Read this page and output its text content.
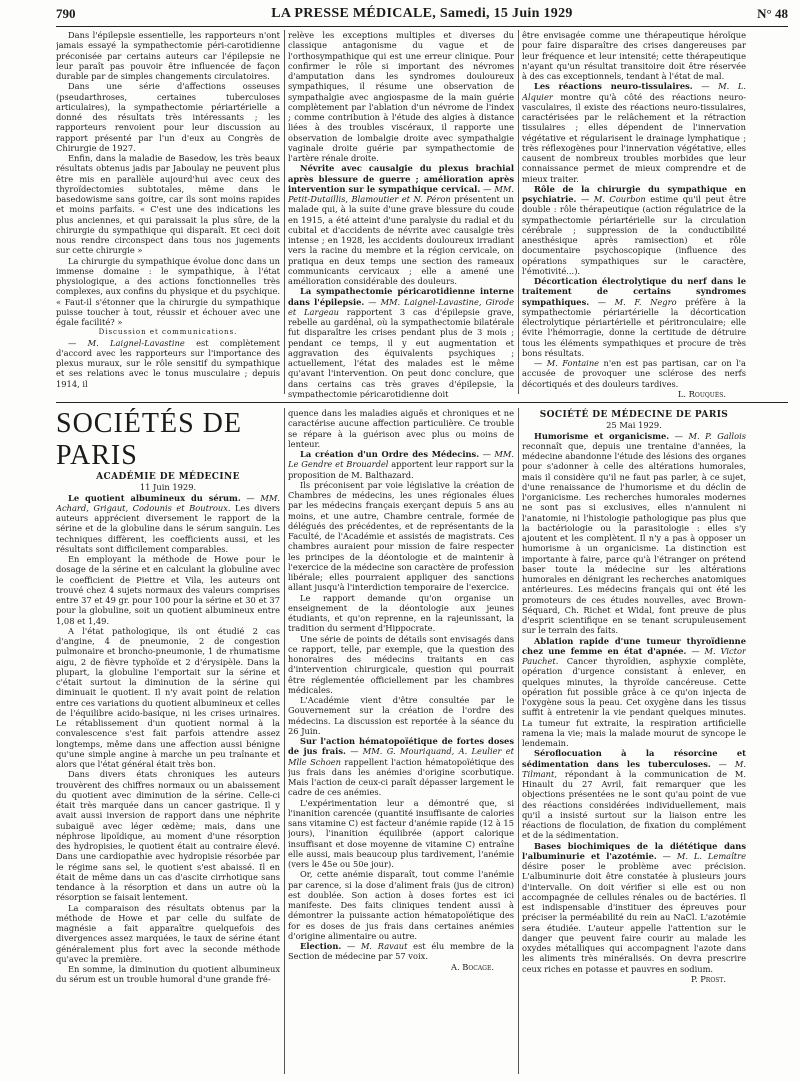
790	LA PRESSE MÉDICALE, Samedi, 15 Juin 1929	N° 48

Dans l'épilepsie essentielle, les rapporteurs n'ont jamais essayé la sympathectomie péri-carotidienne préconisée par certains auteurs car l'épilepsie ne leur paraît pas pouvoir être influencée de façon durable par de simples changements circulatoires.

Dans une série d'affections osseuses (pseudarthroses, certaines tuberculoses articulaires), la sympathectomie périartérielle a donné des résultats très intéressants ; les rapporteurs renvoient pour leur discussion au rapport présenté par l'un d'eux au Congrès de Chirurgie de 1927.

Enfin, dans la maladie de Basedow, les très beaux résultats obtenus jadis par Jaboulay ne peuvent plus être mis en parallèle aujourd'hui avec ceux des thyroïdectomies subtotales, même dans le basedowisme sans goitre, car ils sont moins rapides et moins parfaits. « C'est une des indications les plus anciennes, et qui paraissait la plus sûre, de la chirurgie du sympathique qui disparaît. Et ceci doit nous rendre circonspect dans tous nos jugements sur cette chirurgie »

La chirurgie du sympathique évolue donc dans un immense domaine : le sympathique, à l'état physiologique, a des actions fonctionnelles très complexes, aux confins du physique et du psychique. « Faut-il s'étonner que la chirurgie du sympathique puisse toucher à tout, réussir et échouer avec une égale facilité? »

Discussion et communications.

— M. Laignel-Lavastine est complètement d'accord avec les rapporteurs sur l'importance des plexus muraux, sur le rôle sensitif du sympathique et ses relations avec le tonus musculaire ; depuis 1914, il

relève les exceptions multiples et diverses du classique antagonisme du vague et de l'orthosympathique qui est une erreur clinique. Pour confirmer le rôle si important des névromes d'amputation dans les syndromes douloureux sympathiques, il résume une observation de sympathalgie avec angiospasme de la main guérie complètement par l'ablation d'un névrome de l'index ; comme contribution à l'étude des algies à distance liées à des troubles viscéraux, il rapporte une observation de lombalgie droite avec sympathalgie vaginale droite guérie par sympathectomie de l'artère rénale droite.

Névrite avec causalgie du plexus brachial après blessure de guerre ; amélioration après intervention sur le sympathique cervical. — MM. Petit-Dutaillis, Blamoutier et N. Péron présentent un malade qui, à la suite d'une grave blessure du coude en 1915, a été atteint d'une paralysie du radial et du cubital et d'accidents de névrite avec causalgie très intense ; en 1928, les accidents douloureux irradiant vers la racine du membre et la région cervicale, on pratiqua en deux temps une section des rameaux communicants cervicaux ; elle a amené une amélioration considérable des douleurs.

La sympathectomie péricarotidienne interne dans l'épilepsie. — MM. Laignel-Lavastine, Girode et Largeau rapportent 3 cas d'épilepsie grave, rebelle au gardénal, où la sympathectomie bilatérale fut disparaître les crises pendant plus de 3 mois ; pendant ce temps, il y eut augmentation et aggravation des équivalents psychiques ; actuellement, l'état des malades est le même qu'avant l'intervention. On peut donc conclure, que dans certains cas très graves d'épilepsie, la sympathectomie péricarotidienne doit

être envisagée comme une thérapeutique héroïque pour faire disparaître des crises dangereuses par leur fréquence et leur intensité; cette thérapeutique n'ayant qu'un résultat transitoire doit être réservée à des cas exceptionnels, tendant à l'état de mal.

Les réactions neuro-tissulaires. — M. L. Alquier montre qu'à côté des réactions neuro-vasculaires, il existe des réactions neuro-tissulaires, caractérisées par le relâchement et la rétraction tissulaires ; elles dépendent de l'innervation végétative et régularisent le drainage lymphatique ; très réflexogènes pour l'innervation végétative, elles causent de nombreux troubles morbides que leur connaissance permet de mieux comprendre et de mieux traiter.

Rôle de la chirurgie du sympathique en psychiatrie. — M. Courbon estime qu'il peut être double : rôle thérapeutique (action régulatrice de la sympathectomie périartérielle sur la circulation cérébrale ; suppression de la conductibilité anesthésique après ramisection) et rôle documentaire psychoscopique (influence des opérations sympathiques sur le caractère, l'émotivité...).

Décortication électrolytique du nerf dans le traitement de certains syndromes sympathiques. — M. F. Negro préfère à la sympathectomie périartérielle la décortication électrolytique périartérielle et péritronculaire; elle évite l'hémorragie, donne la certitude de détruire tous les éléments sympathiques et procure de très bons résultats.

— M. Fontaine n'en est pas partisan, car on l'a accusée de provoquer une sclérose des nerfs décortiqués et des douleurs tardives.

L. Rouquès.

SOCIÉTÉS DE PARIS

ACADÉMIE DE MÉDECINE

11 Juin 1929.

Le quotient albumineux du sérum. — MM. Achard, Grigaut, Codounis et Boutroux. Les divers auteurs apprécient diversement le rapport de la sérine et de la globuline dans le sérum sanguin. Les techniques diffèrent, les coefficients aussi, et les résultats sont difficilement comparables.

En employant la méthode de Howe pour le dosage de la sérine et en calculant la globuline avec le coefficient de Piettre et Vila, les auteurs ont trouvé chez 4 sujets normaux des valeurs comprises entre 37 et 49 gr. pour 100 pour la sérine et 30 et 37 pour la globuline, soit un quotient albumineux entre 1,08 et 1,49.

A l'état pathologique, ils ont étudié 2 cas d'angine, 4 de pneumonie, 2 de congestion pulmonaire et broncho-pneumonie, 1 de rhumatisme aigu, 2 de fièvre typhoïde et 2 d'érysipèle. Dans la plupart, la globuline l'emportait sur la sérine et c'était surtout la diminution de la sérine qui diminuait le quotient. Il n'y avait point de relation entre ces variations du quotient albumineux et celles de l'équilibre acido-basique, ni les crises urinaires. Le rétablissement d'un quotient normal à la convalescence s'est fait parfois attendre assez longtemps, même dans une affection aussi bénigne qu'une simple angine à marche un peu traînante et alors que l'état général était très bon.

Dans divers états chroniques les auteurs trouvèrent des chiffres normaux ou un abaissement du quotient avec diminution de la sérine. Celle-ci était très marquée dans un cancer gastrique. Il y avait aussi inversion de rapport dans une néphrite subaiguë avec léger œdème; mais, dans une néphrose lipoïdique, au moment d'une résorption des hydropisies, le quotient était au contraire élevé. Dans une cardiopathie avec hydropisie résorbée par le régime sans sel, le quotient s'est abaissé. Il en était de même dans un cas d'ascite cirrhotique sans tendance à la résorption et dans un autre où la résorption se faisait lentement.

La comparaison des résultats obtenus par la méthode de Howe et par celle du sulfate de magnésie a fait apparaître quelquefois des divergences assez marquées, le taux de sérine étant généralement plus fort avec la seconde méthode qu'avec la première.

En somme, la diminution du quotient albumineux du sérum est un trouble humoral d'une grande fré-

quence dans les maladies aiguës et chroniques et ne caractérise aucune affection particulière. Ce trouble se répare à la guérison avec plus ou moins de lenteur.

La création d'un Ordre des Médecins. — MM. Le Gendre et Brouardel apportent leur rapport sur la proposition de M. Balthazard.

Ils préconisent par voie législative la création de Chambres de médecins, les unes régionales élues par les médecins français exerçant depuis 5 ans au moins, et une autre, Chambre centrale, formée de délégués des précédentes, et de représentants de la Faculté, de l'Académie et assistés de magistrats. Ces chambres auraient pour mission de faire respecter les principes de la déontologie et de maintenir à l'exercice de la médecine son caractère de profession libérale; elles pourraient appliquer des sanctions allant jusqu'à l'interdiction temporaire de l'exercice.

Le rapport demande qu'on organise un enseignement de la déontologie aux jeunes étudiants, et qu'on reprenne, en la rajeunissant, la tradition du serment d'Hippocrate.

Une série de points de détails sont envisagés dans ce rapport, telle, par exemple, que la question des honoraires des médecins traitants en cas d'intervention chirurgicale, question qui pourrait être réglementée officiellement par les chambres médicales.

L'Académie vient d'être consultée par le Gouvernement sur la création de l'ordre des médecins. La discussion est reportée à la séance du 26 Juin.

Sur l'action hématopoïétique de fortes doses de jus frais. — MM. G. Mouriquand, A. Leulier et Mlle Schoen rappellent l'action hématopoïétique des jus frais dans les anémies d'origine scorbutique. Mais l'action de ceux-ci paraît dépasser largement le cadre de ces anémies.

L'expérimentation leur a démontré que, si l'inanition carencée (quantité insuffisante de calories sans vitamine C) est facteur d'anémie rapide (12 à 15 jours), l'inanition équilibrée (apport calorique insuffisant et dose moyenne de vitamine C) entraîne elle aussi, mais beaucoup plus tardivement, l'anémie (vers le 45e ou 50e jour).

Or, cette anémie disparaît, tout comme l'anémie par carence, si la dose d'aliment frais (jus de citron) est doublée. Son action à doses fortes est ici manifeste. Des faits cliniques tendent aussi à démontrer la puissante action hématopoïétique des for es doses de jus frais dans certaines anémies d'origine alimentaire ou autre.

Election. — M. Ravaut est élu membre de la Section de médecine par 57 voix.

A. Bocage.

SOCIÉTÉ DE MÉDECINE DE PARIS

25 Mai 1929.

Humorisme et organicisme. — M. P. Gallois reconnaît que, depuis une trentaine d'années, la médecine abandonne l'étude des lésions des organes pour s'adonner à celle des altérations humorales, mais il considère qu'il ne faut pas parler, à ce sujet, d'une renaissance de l'humorisme et du déclin de l'organicisme. Les recherches humorales modernes ne sont pas si exclusives, elles n'annulent ni l'anatomie, ni l'histologie pathologique pas plus que la bactériologie ou la parasitologie : elles s'y ajoutent et les complètent. Il n'y a pas à opposer un humorisme à un organicisme. La distinction est importante à faire, parce qu'à l'étranger on prétend baser toute la médecine sur les altérations humorales en dénigrant les recherches anatomiques antérieures. Les médecins français qui ont été les promoteurs de ces études nouvelles, avec Brown-Séquard, Ch. Richet et Widal, font preuve de plus d'esprit scientifique en se tenant scrupuleusement sur le terrain des faits.

Ablation rapide d'une tumeur thyroïdienne chez une femme en état d'apnée. — M. Victor Pauchet. Cancer thyroïdien, asphyxie complète, opération d'urgence consistant à enlever, en quelques minutes, la thyroïde cancéreuse. Cette opération fut possible grâce à ce qu'on injecta de l'oxygène sous la peau. Cet oxygène dans les tissus suffit à entretenir la vie pendant quelques minutes. La tumeur fut extraite, la respiration artificielle ramena la vie; mais la malade mourut de syncope le lendemain.

Séroflocuation à la résorcine et sédimentation dans les tuberculoses. — M. Tilmant, répondant à la communication de M. Hinault du 27 Avril, fait remarquer que les objections présentées ne le sont qu'au point de vue des réactions considérées individuellement, mais qu'il a insisté surtout sur la liaison entre les réactions de floculation, de fixation du complément et de la sédimentation.

Bases biochimiques de la diététique dans l'albuminurie et l'azotémie. — M. L. Lemaître désire poser le problème avec précision. L'albuminurie doit être constatée à plusieurs jours d'intervalle. On doit vérifier si elle est ou non accompagnée de cellules rénales ou de bactéries. Il est indispensable d'instituer des épreuves pour préciser la perméabilité du rein au NaCl. L'azotémie sera étudiée. L'auteur appelle l'attention sur le danger que peuvent faire courir au malade les oxydes métalliques qui accompagnent l'azote dans les aliments très minéralisés. On devra prescrire ceux riches en potasse et pauvres en sodium.

P. Prost.
